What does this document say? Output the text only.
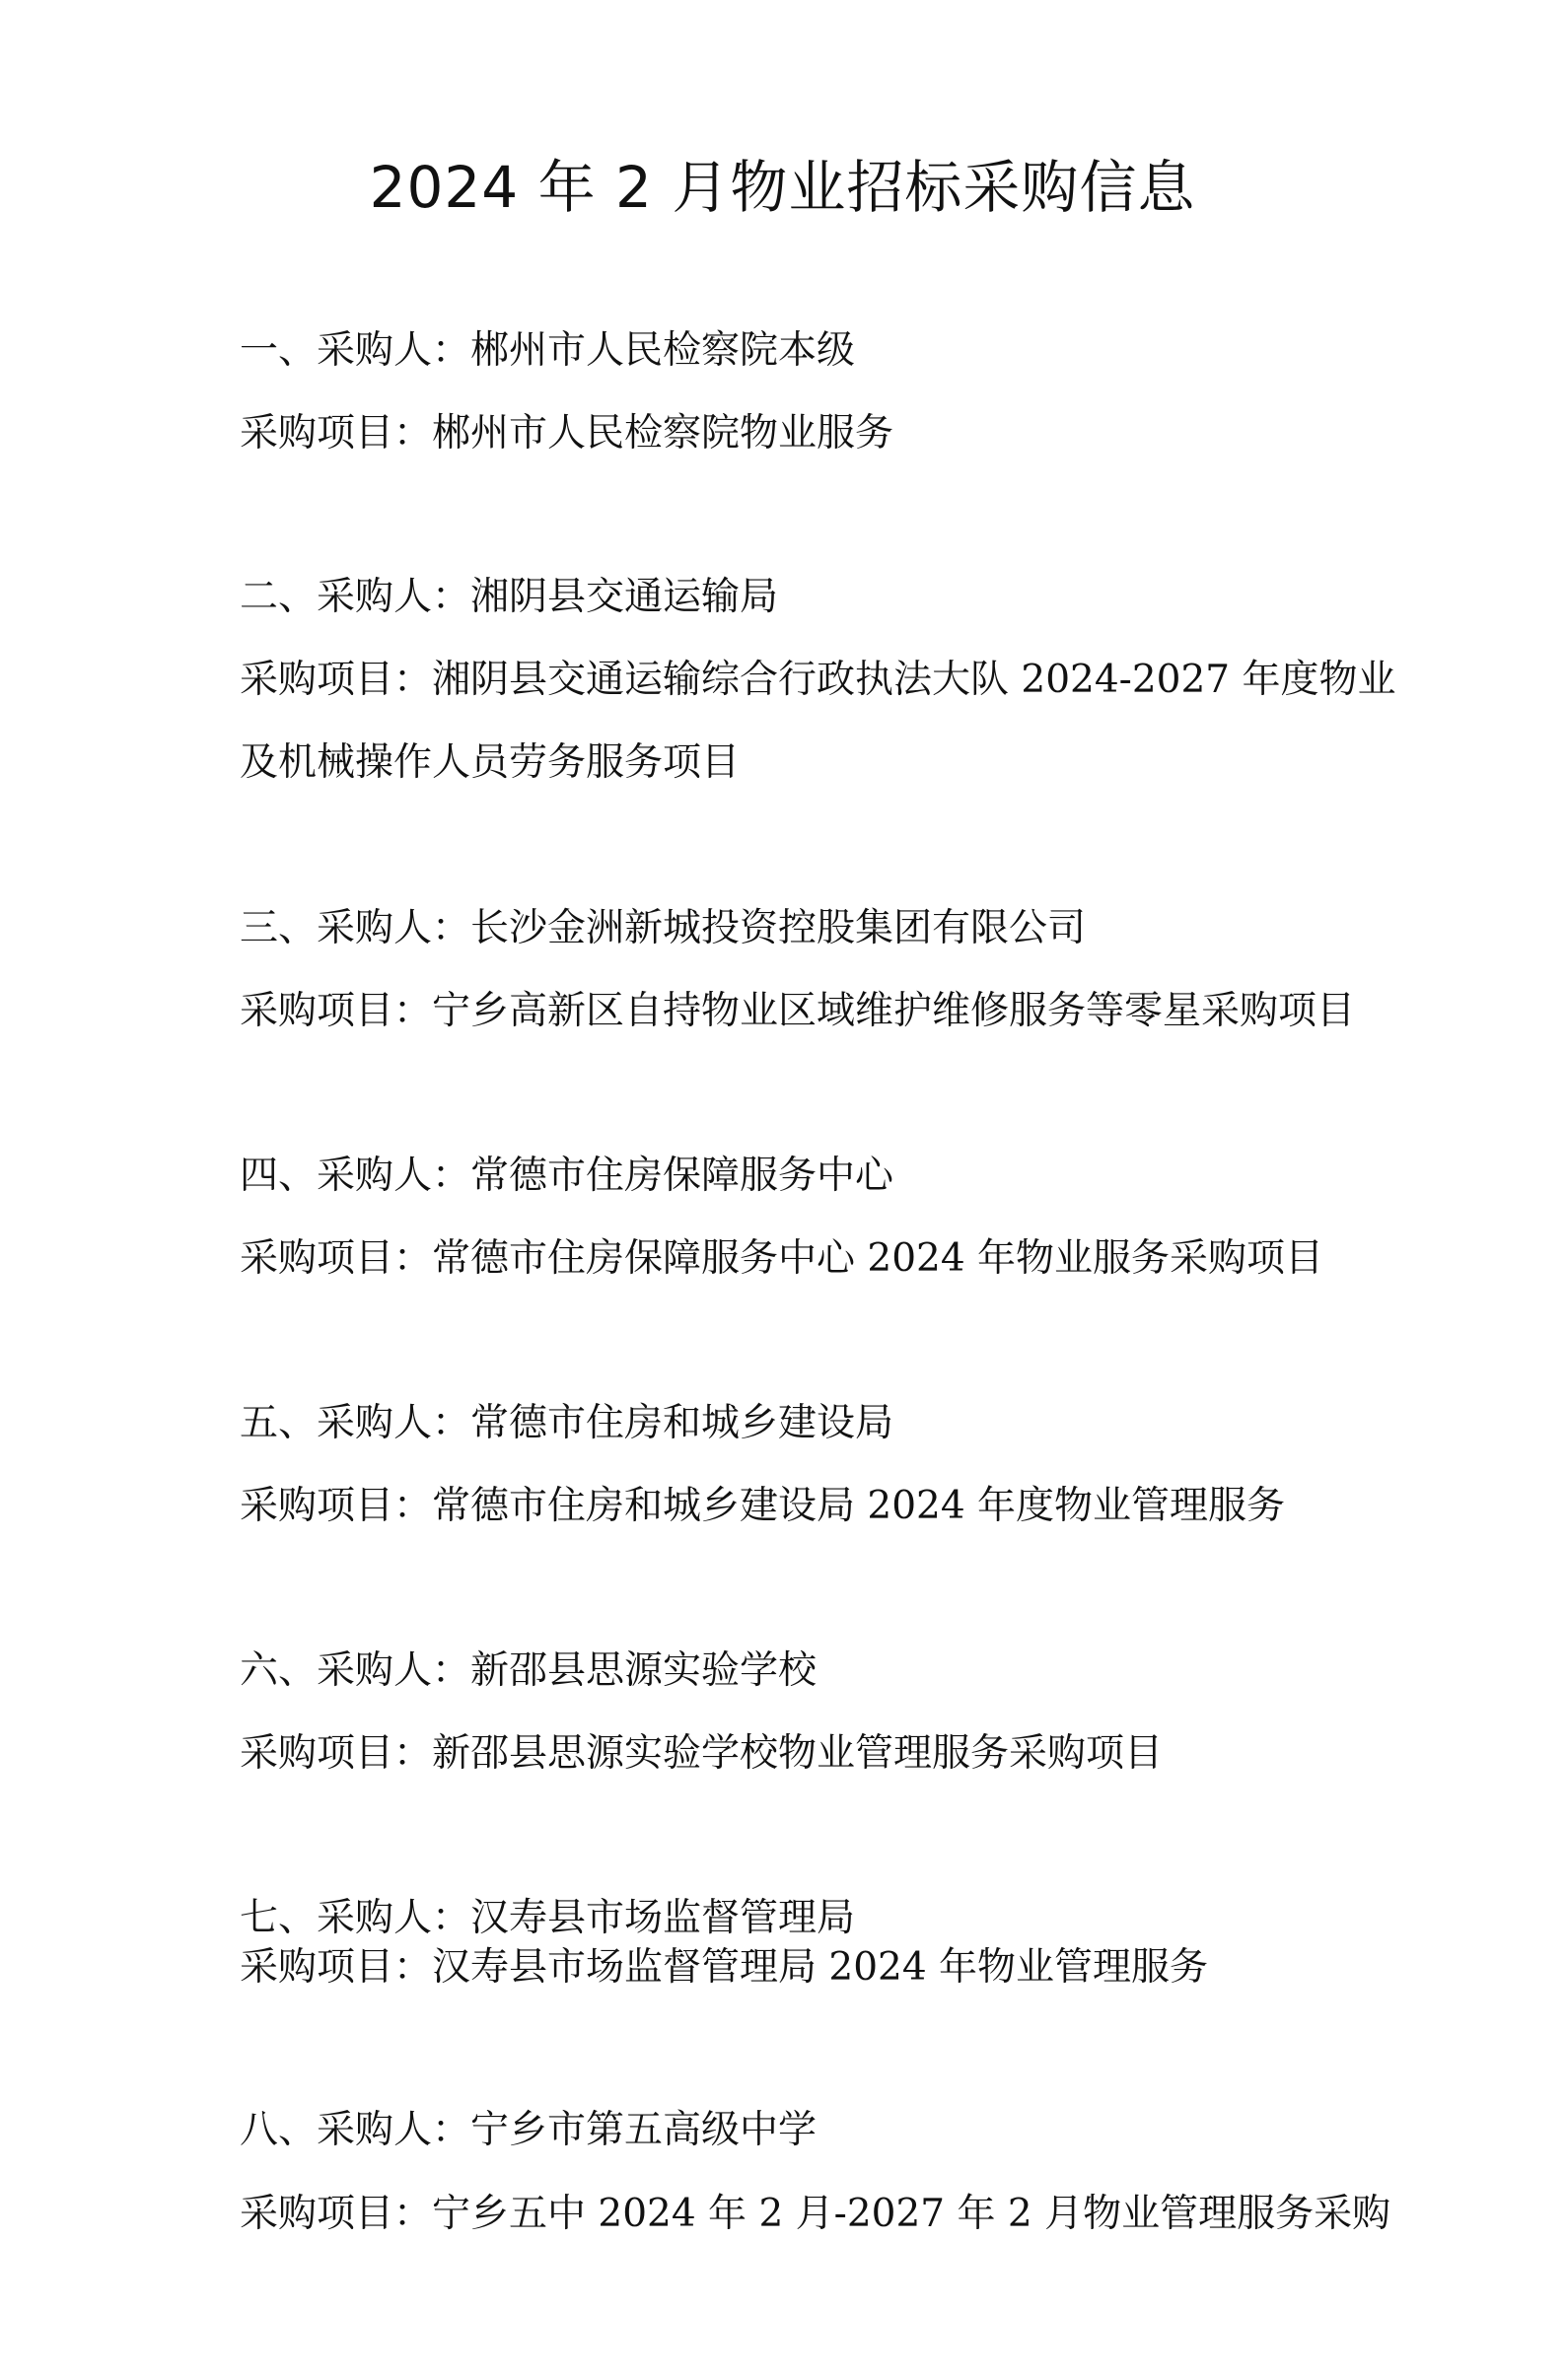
2024 年 2 月物业招标采购信息
一、采购人：郴州市人民检察院本级
采购项目：郴州市人民检察院物业服务
二、采购人：湘阴县交通运输局
采购项目：湘阴县交通运输综合行政执法大队 2024-2027 年度物业
及机械操作人员劳务服务项目
三、采购人：长沙金洲新城投资控股集团有限公司
采购项目：宁乡高新区自持物业区域维护维修服务等零星采购项目
四、采购人：常德市住房保障服务中心
采购项目：常德市住房保障服务中心 2024 年物业服务采购项目
五、采购人：常德市住房和城乡建设局
采购项目：常德市住房和城乡建设局 2024 年度物业管理服务
六、采购人：新邵县思源实验学校
采购项目：新邵县思源实验学校物业管理服务采购项目
七、采购人：汉寿县市场监督管理局
采购项目：汉寿县市场监督管理局 2024 年物业管理服务
八、采购人：宁乡市第五高级中学
采购项目：宁乡五中 2024 年 2 月-2027 年 2 月物业管理服务采购
